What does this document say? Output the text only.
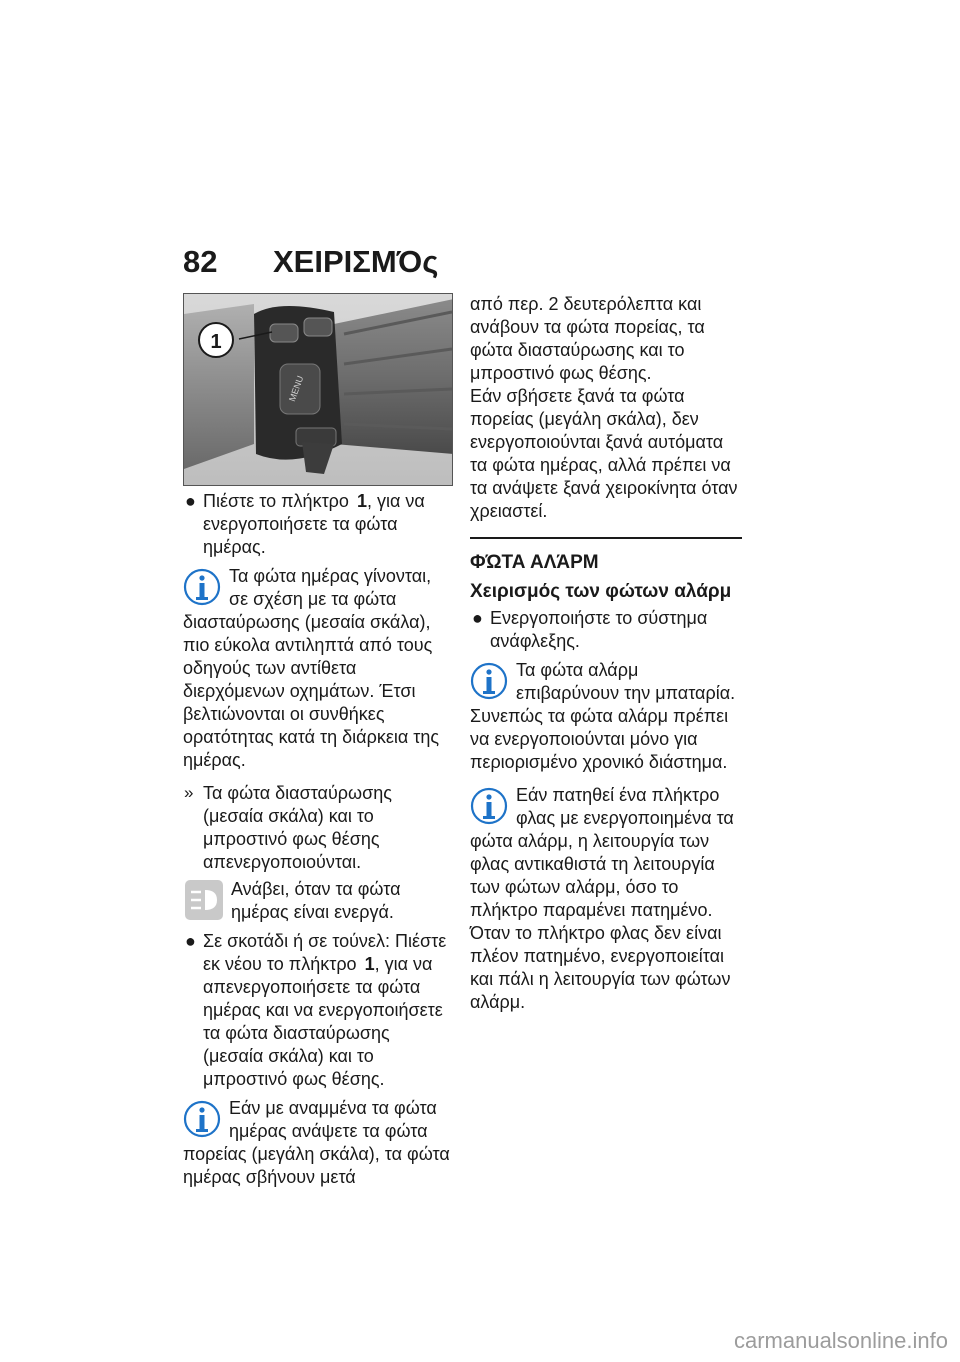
82 ΧΕΙΡΙΣΜΌς
MENU
1

● Πιέστε το πλήκτρο 1, για να ενεργοποιήσετε τα φώτα ημέρας.

Τα φώτα ημέρας γίνονται, σε σχέση με τα φώτα διασταύρωσης (μεσαία σκάλα), πιο εύκολα αντιληπτά από τους οδηγούς των αντίθετα διερχόμενων οχημάτων. Έτσι βελτιώνονται οι συνθήκες ορατότητας κατά τη διάρκεια της ημέρας.

» Τα φώτα διασταύρωσης (μεσαία σκάλα) και το μπροστινό φως θέσης απενεργοποιούνται.

Ανάβει, όταν τα φώτα ημέρας είναι ενεργά.

● Σε σκοτάδι ή σε τούνελ: Πιέστε εκ νέου το πλήκτρο 1, για να απενεργοποιήσετε τα φώτα ημέρας και να ενεργοποιήσετε τα φώτα διασταύρωσης (μεσαία σκάλα) και το μπροστινό φως θέσης.

Εάν με αναμμένα τα φώτα ημέρας ανάψετε τα φώτα πορείας (μεγάλη σκάλα), τα φώτα ημέρας σβήνουν μετά

από περ. 2 δευτερόλεπτα και ανάβουν τα φώτα πορείας, τα φώτα διασταύρωσης και το μπροστινό φως θέσης.

Εάν σβήσετε ξανά τα φώτα πορείας (μεγάλη σκάλα), δεν ενεργοποιούνται ξανά αυτόματα τα φώτα ημέρας, αλλά πρέπει να τα ανάψετε ξανά χειροκίνητα όταν χρειαστεί.

ΦΏΤΑ ΑΛΆΡΜ
Χειρισμός των φώτων αλάρμ

● Ενεργοποιήστε το σύστημα ανάφλεξης.

Τα φώτα αλάρμ επιβαρύνουν την μπαταρία. Συνεπώς τα φώτα αλάρμ πρέπει να ενεργοποιούνται μόνο για περιορισμένο χρονικό διάστημα.
Εάν πατηθεί ένα πλήκτρο φλας με ενεργοποιημένα τα φώτα αλάρμ, η λειτουργία των φλας αντικαθιστά τη λειτουργία των φώτων αλάρμ, όσο το πλήκτρο παραμένει πατημένο. Όταν το πλήκτρο φλας δεν είναι πλέον πατημένο, ενεργοποιείται και πάλι η λειτουργία των φώτων αλάρμ.
carmanualsonline.info
